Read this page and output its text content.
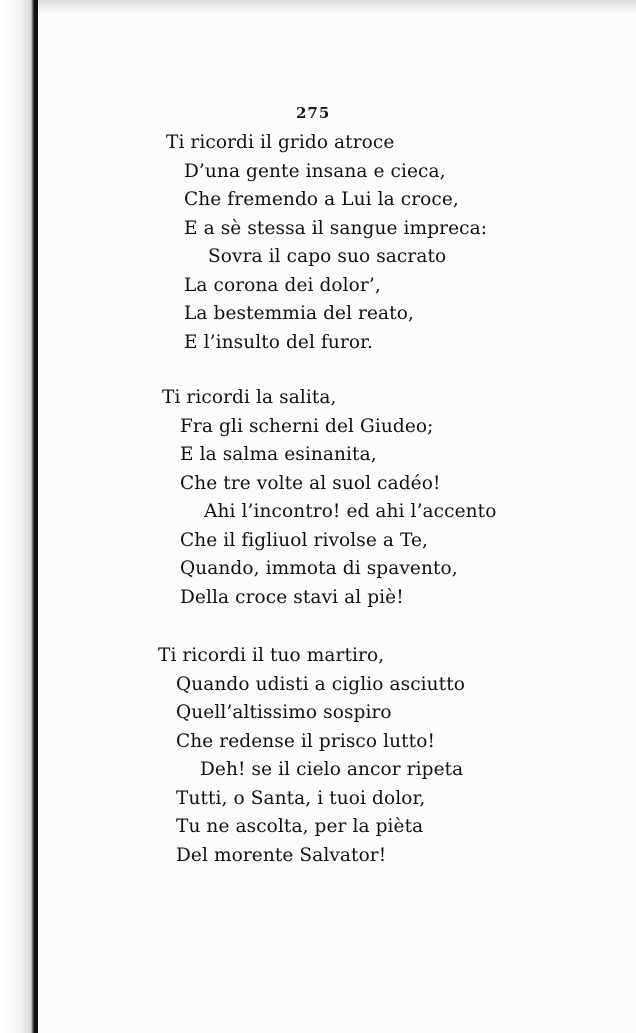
275
Ti ricordi il grido atroce
D’una gente insana e cieca,
Che fremendo a Lui la croce,
E a sè stessa il sangue impreca:
Sovra il capo suo sacrato
La corona dei dolor’,
La bestemmia del reato,
E l’insulto del furor.
Ti ricordi la salita,
Fra gli scherni del Giudeo;
E la salma esinanita,
Che tre volte al suol cadéo!
Ahi l’incontro! ed ahi l’accento
Che il figliuol rivolse a Te,
Quando, immota di spavento,
Della croce stavi al piè!
Ti ricordi il tuo martiro,
Quando udisti a ciglio asciutto
Quell’altissimo sospiro
Che redense il prisco lutto!
Deh! se il cielo ancor ripeta
Tutti, o Santa, i tuoi dolor,
Tu ne ascolta, per la pièta
Del morente Salvator!
